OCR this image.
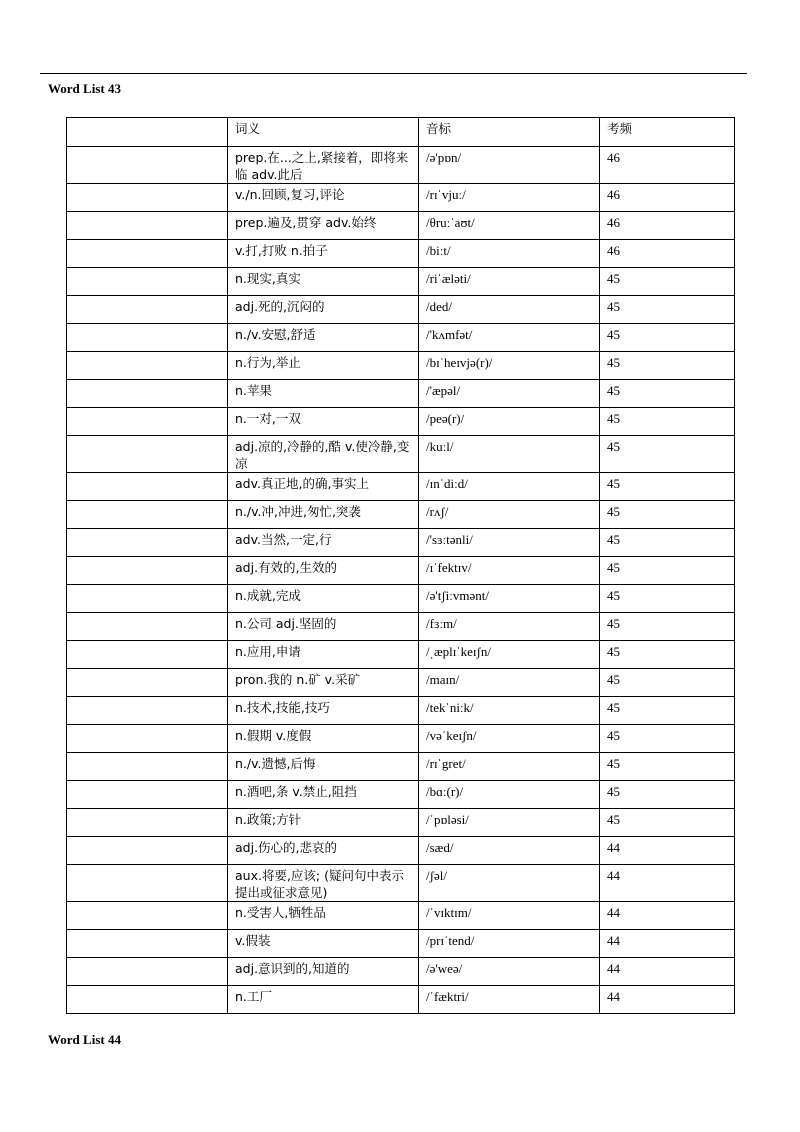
Word List 43
	词义	音标	考频
	prep.在...之上,紧接着，即将来临 adv.此后	/ə'pɒn/	46
	v./n.回顾,复习,评论	/rɪˈvjuː/	46
	prep.遍及,贯穿 adv.始终	/θruːˈaʊt/	46
	v.打,打败 n.拍子	/biːt/	46
	n.现实,真实	/riˈæləti/	45
	adj.死的,沉闷的	/ded/	45
	n./v.安慰,舒适	/'kʌmfət/	45
	n.行为,举止	/bɪˈheɪvjə(r)/	45
	n.苹果	/'æpəl/	45
	n.一对,一双	/peə(r)/	45
	adj.凉的,冷静的,酷 v.使冷静,变凉	/kuːl/	45
	adv.真正地,的确,事实上	/ɪnˈdiːd/	45
	n./v.冲,冲进,匆忙,突袭	/rʌʃ/	45
	adv.当然,一定,行	/'sɜːtənli/	45
	adj.有效的,生效的	/ɪˈfektɪv/	45
	n.成就,完成	/ə'tʃiːvmənt/	45
	n.公司 adj.坚固的	/fɜːm/	45
	n.应用,申请	/ˌæplɪˈkeɪʃn/	45
	pron.我的 n.矿 v.采矿	/maɪn/	45
	n.技术,技能,技巧	/tekˈniːk/	45
	n.假期 v.度假	/vəˈkeɪʃn/	45
	n./v.遗憾,后悔	/rɪˈgret/	45
	n.酒吧,条 v.禁止,阻挡	/bɑː(r)/	45
	n.政策;方针	/ˈpɒləsi/	45
	adj.伤心的,悲哀的	/sæd/	44
	aux.将要,应该; (疑问句中表示提出或征求意见)	/ʃəl/	44
	n.受害人,牺牲品	/ˈvɪktɪm/	44
	v.假装	/prɪˈtend/	44
	adj.意识到的,知道的	/ə'weə/	44
	n.工厂	/ˈfæktri/	44
Word List 44
